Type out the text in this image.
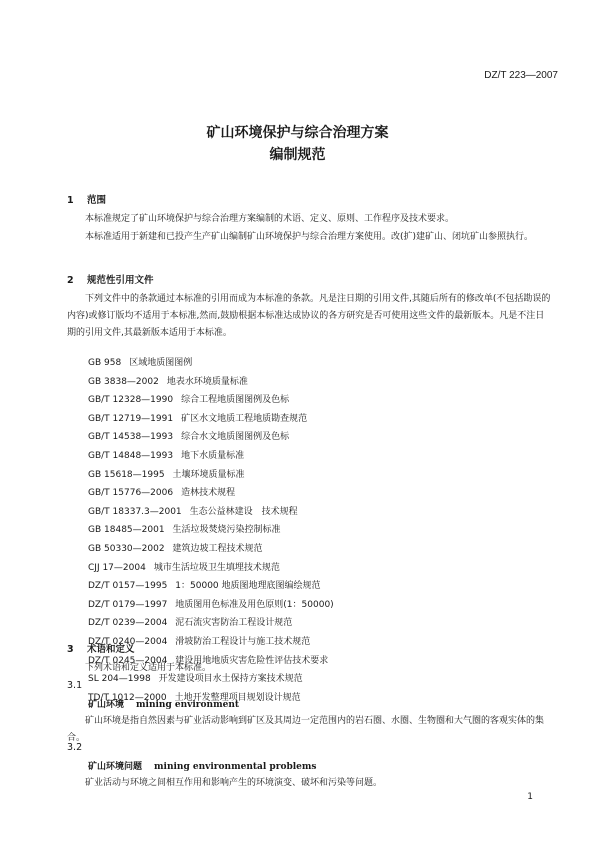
DZ/T 223—2007
矿山环境保护与综合治理方案
编制规范
1 范围
本标准规定了矿山环境保护与综合治理方案编制的术语、定义、原则、工作程序及技术要求。
本标准适用于新建和已投产生产矿山编制矿山环境保护与综合治理方案使用。改(扩)建矿山、闭坑矿山参照执行。
2 规范性引用文件
下列文件中的条款通过本标准的引用而成为本标准的条款。凡是注日期的引用文件,其随后所有的修改单(不包括勘误的内容)或修订版均不适用于本标准,然而,鼓励根据本标准达成协议的各方研究是否可使用这些文件的最新版本。凡是不注日期的引用文件,其最新版本适用于本标准。
GB 958 区域地质图图例
GB 3838—2002 地表水环境质量标准
GB/T 12328—1990 综合工程地质图图例及色标
GB/T 12719—1991 矿区水文地质工程地质勘查规范
GB/T 14538—1993 综合水文地质图图例及色标
GB/T 14848—1993 地下水质量标准
GB 15618—1995 土壤环境质量标准
GB/T 15776—2006 造林技术规程
GB/T 18337.3—2001 生态公益林建设　技术规程
GB 18485—2001 生活垃圾焚烧污染控制标准
GB 50330—2002 建筑边坡工程技术规范
CJJ 17—2004 城市生活垃圾卫生填埋技术规范
DZ/T 0157—1995 1：50000 地质图地理底图编绘规范
DZ/T 0179—1997 地质图用色标准及用色原则(1：50000)
DZ/T 0239—2004 泥石流灾害防治工程设计规范
DZ/T 0240—2004 滑坡防治工程设计与施工技术规范
DZ/T 0245—2004 建设用地地质灾害危险性评估技术要求
SL 204—1998 开发建设项目水土保持方案技术规范
TD/T 1012—2000 土地开发整理项目规划设计规范
3 术语和定义
下列术语和定义适用于本标准。
3.1
矿山环境 mining environment
矿山环境是指自然因素与矿业活动影响到矿区及其周边一定范围内的岩石圈、水圈、生物圈和大气圈的客观实体的集合。
3.2
矿山环境问题 mining environmental problems
矿业活动与环境之间相互作用和影响产生的环境演变、破坏和污染等问题。
1
